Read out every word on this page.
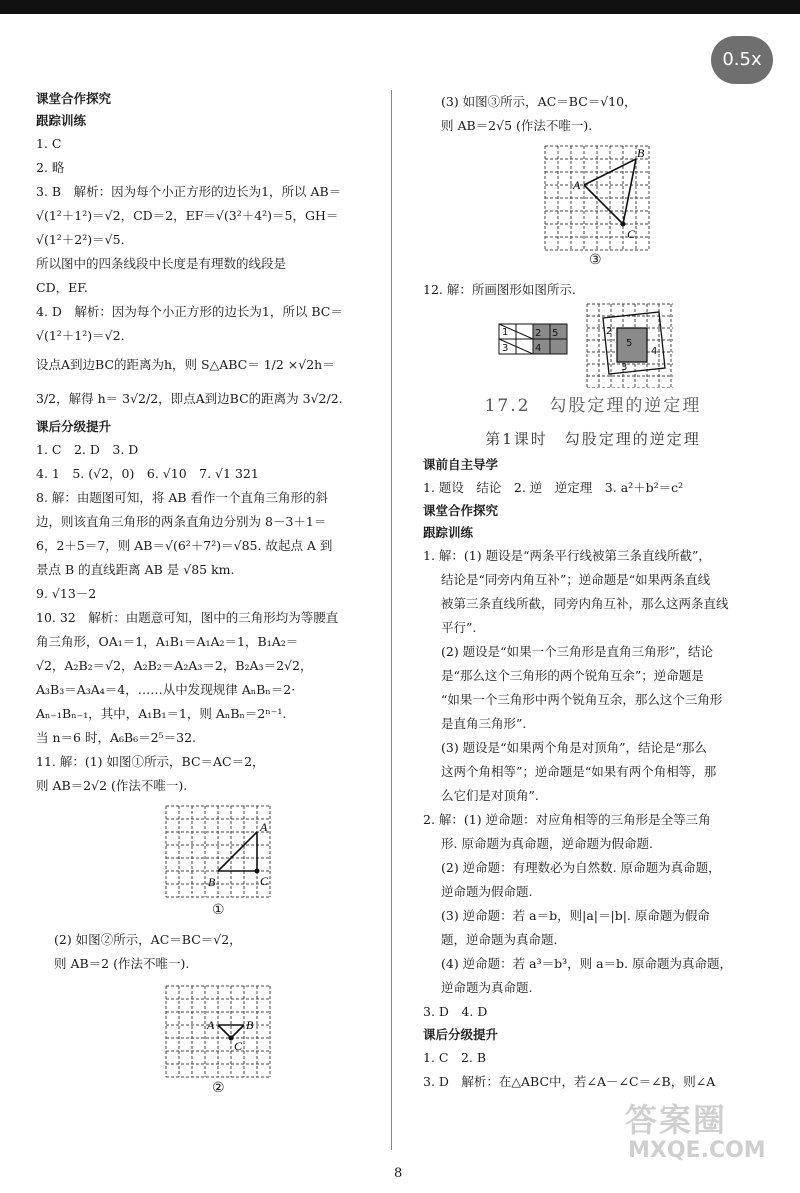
0.5x
课堂合作探究
跟踪训练
1. C
2. 略
3. B　解析：因为每个小正方形的边长为1，所以 AB＝
√(1²＋1²)＝√2，CD＝2，EF＝√(3²＋4²)＝5，GH＝
√(1²＋2²)＝√5.
所以图中的四条线段中长度是有理数的线段是
CD，EF.
4. D　解析：因为每个小正方形的边长为1，所以 BC＝
√(1²＋1²)＝√2.
设点A到边BC的距离为h，则 S△ABC＝ 1/2 ×√2h＝
3/2，解得 h＝ 3√2/2，即点A到边BC的距离为 3√2/2.
课后分级提升
1. C　2. D　3. D
4. 1　5. (√2，0)　6. √10　7. √1 321
8. 解：由题图可知，将 AB 看作一个直角三角形的斜
边，则该直角三角形的两条直角边分别为 8－3＋1＝
6，2＋5＝7，则 AB＝√(6²＋7²)＝√85. 故起点 A 到
景点 B 的直线距离 AB 是 √85 km.
9. √13－2
10. 32　解析：由题意可知，图中的三角形均为等腰直
角三角形，OA₁＝1，A₁B₁＝A₁A₂＝1，B₁A₂＝
√2，A₂B₂＝√2，A₂B₂＝A₂A₃＝2，B₂A₃＝2√2，
A₃B₃＝A₃A₄＝4，……从中发现规律 AₙBₙ＝2·
Aₙ₋₁Bₙ₋₁，其中，A₁B₁＝1，则 AₙBₙ＝2ⁿ⁻¹.
当 n＝6 时，A₆B₆＝2⁵＝32.
11. 解：(1) 如图①所示，BC＝AC＝2，
则 AB＝2√2 (作法不唯一).
A
B	C
①
(2) 如图②所示，AC＝BC＝√2，
则 AB＝2 (作法不唯一).
A	B
C
②
(3) 如图③所示，AC＝BC＝√10，
则 AB＝2√5 (作法不唯一).
A
B
C
③
12. 解：所画图形如图所示.
1	2
3	4
5	2
5
4
3
17.2　勾股定理的逆定理
第1课时　勾股定理的逆定理
课前自主导学
1. 题设　结论　2. 逆　逆定理　3. a²＋b²＝c²
课堂合作探究
跟踪训练
1. 解：(1) 题设是“两条平行线被第三条直线所截”，
结论是“同旁内角互补”；逆命题是“如果两条直线
被第三条直线所截，同旁内角互补，那么这两条直线
平行”.
(2) 题设是“如果一个三角形是直角三角形”，结论
是“那么这个三角形的两个锐角互余”；逆命题是
“如果一个三角形中两个锐角互余，那么这个三角形
是直角三角形”.
(3) 题设是“如果两个角是对顶角”，结论是“那么
这两个角相等”；逆命题是“如果有两个角相等，那
么它们是对顶角”.
2. 解：(1) 逆命题：对应角相等的三角形是全等三角
形. 原命题为真命题，逆命题为假命题.
(2) 逆命题：有理数必为自然数. 原命题为真命题，
逆命题为假命题.
(3) 逆命题：若 a＝b，则|a|＝|b|. 原命题为假命
题，逆命题为真命题.
(4) 逆命题：若 a³＝b³，则 a＝b. 原命题为真命题，
逆命题为真命题.
3. D　4. D
课后分级提升
1. C　2. B
3. D　解析：在△ABC中，若∠A－∠C＝∠B，则∠A
答案圈
MXQE.COM
8
